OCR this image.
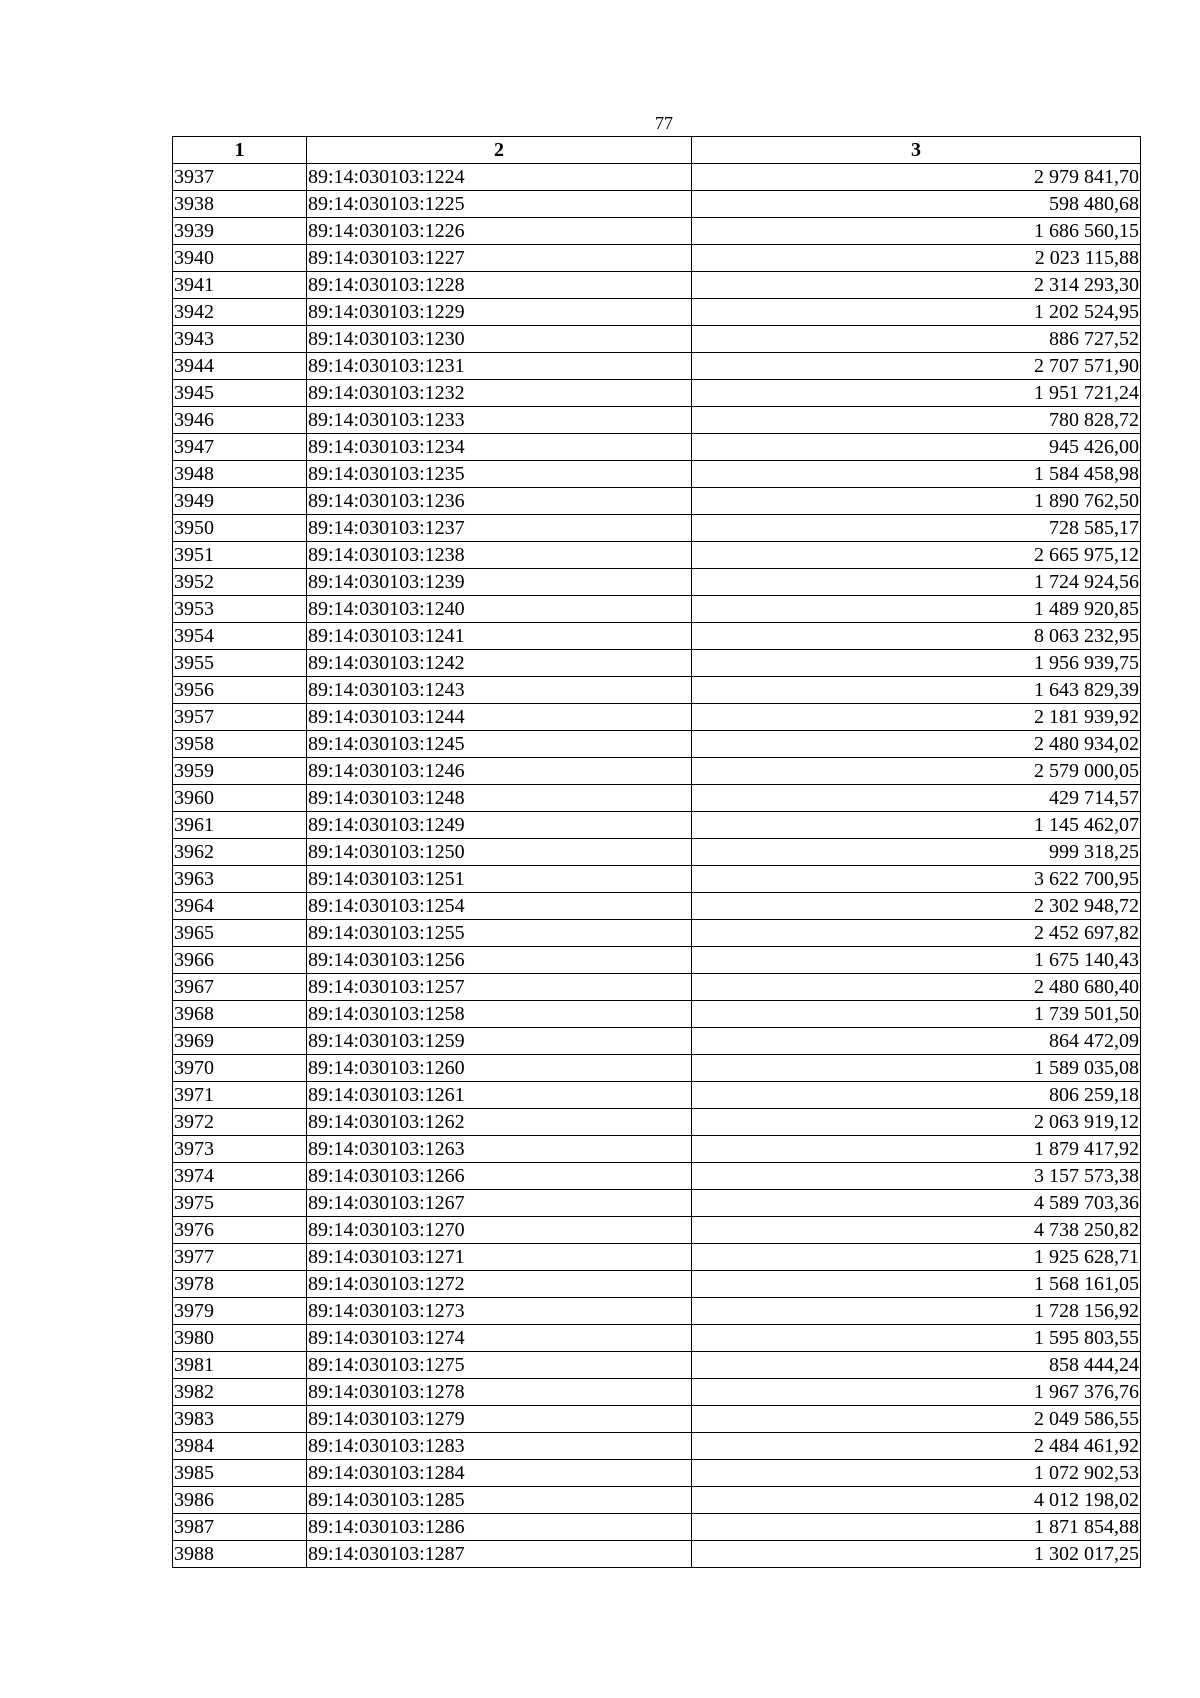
77
1	2	3
3937	89:14:030103:1224	2 979 841,70
3938	89:14:030103:1225	598 480,68
3939	89:14:030103:1226	1 686 560,15
3940	89:14:030103:1227	2 023 115,88
3941	89:14:030103:1228	2 314 293,30
3942	89:14:030103:1229	1 202 524,95
3943	89:14:030103:1230	886 727,52
3944	89:14:030103:1231	2 707 571,90
3945	89:14:030103:1232	1 951 721,24
3946	89:14:030103:1233	780 828,72
3947	89:14:030103:1234	945 426,00
3948	89:14:030103:1235	1 584 458,98
3949	89:14:030103:1236	1 890 762,50
3950	89:14:030103:1237	728 585,17
3951	89:14:030103:1238	2 665 975,12
3952	89:14:030103:1239	1 724 924,56
3953	89:14:030103:1240	1 489 920,85
3954	89:14:030103:1241	8 063 232,95
3955	89:14:030103:1242	1 956 939,75
3956	89:14:030103:1243	1 643 829,39
3957	89:14:030103:1244	2 181 939,92
3958	89:14:030103:1245	2 480 934,02
3959	89:14:030103:1246	2 579 000,05
3960	89:14:030103:1248	429 714,57
3961	89:14:030103:1249	1 145 462,07
3962	89:14:030103:1250	999 318,25
3963	89:14:030103:1251	3 622 700,95
3964	89:14:030103:1254	2 302 948,72
3965	89:14:030103:1255	2 452 697,82
3966	89:14:030103:1256	1 675 140,43
3967	89:14:030103:1257	2 480 680,40
3968	89:14:030103:1258	1 739 501,50
3969	89:14:030103:1259	864 472,09
3970	89:14:030103:1260	1 589 035,08
3971	89:14:030103:1261	806 259,18
3972	89:14:030103:1262	2 063 919,12
3973	89:14:030103:1263	1 879 417,92
3974	89:14:030103:1266	3 157 573,38
3975	89:14:030103:1267	4 589 703,36
3976	89:14:030103:1270	4 738 250,82
3977	89:14:030103:1271	1 925 628,71
3978	89:14:030103:1272	1 568 161,05
3979	89:14:030103:1273	1 728 156,92
3980	89:14:030103:1274	1 595 803,55
3981	89:14:030103:1275	858 444,24
3982	89:14:030103:1278	1 967 376,76
3983	89:14:030103:1279	2 049 586,55
3984	89:14:030103:1283	2 484 461,92
3985	89:14:030103:1284	1 072 902,53
3986	89:14:030103:1285	4 012 198,02
3987	89:14:030103:1286	1 871 854,88
3988	89:14:030103:1287	1 302 017,25
